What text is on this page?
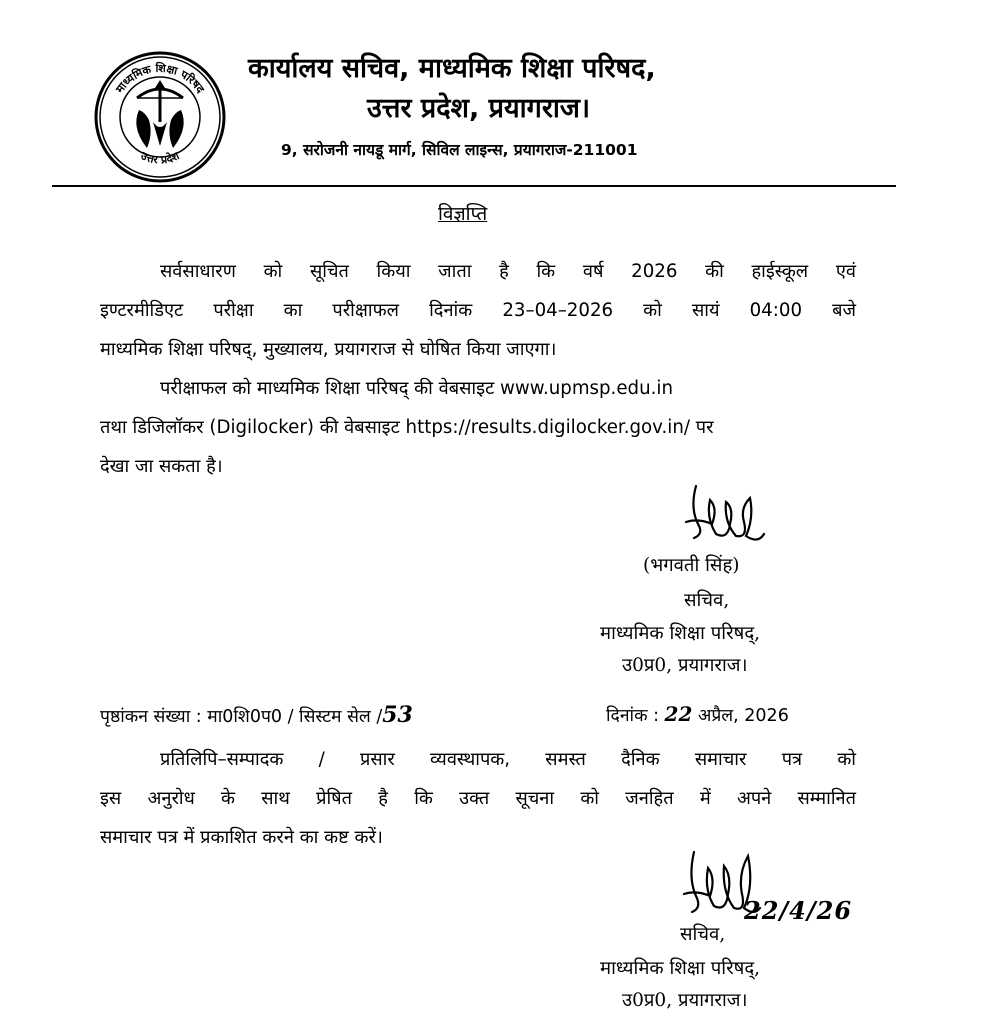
माध्यमिक शिक्षा परिषद
उत्तर प्रदेश
कार्यालय सचिव, माध्यमिक शिक्षा परिषद,
उत्तर प्रदेश, प्रयागराज।
9, सरोजनी नायडू मार्ग, सिविल लाइन्स, प्रयागराज-211001
विज्ञप्ति
सर्वसाधारण को सूचित किया जाता है कि वर्ष 2026 की हाईस्कूल एवं
इण्टरमीडिएट परीक्षा का परीक्षाफल दिनांक 23–04–2026 को सायं 04:00 बजे
माध्यमिक शिक्षा परिषद्, मुख्यालय, प्रयागराज से घोषित किया जाएगा।
परीक्षाफल को माध्यमिक शिक्षा परिषद् की वेबसाइट www.upmsp.edu.in
तथा डिजिलॉकर (Digilocker) की वेबसाइट https://results.digilocker.gov.in/ पर
देखा जा सकता है।
(भगवती सिंह)
सचिव,
माध्यमिक शिक्षा परिषद्,
उ0प्र0, प्रयागराज।
पृष्ठांकन संख्या : मा0शि0प0 / सिस्टम सेल /53	दिनांक : 22 अप्रैल, 2026
प्रतिलिपि–सम्पादक / प्रसार व्यवस्थापक, समस्त दैनिक समाचार पत्र को
इस अनुरोध के साथ प्रेषित है कि उक्त सूचना को जनहित में अपने सम्मानित
समाचार पत्र में प्रकाशित करने का कष्ट करें।
22/4/26
सचिव,
माध्यमिक शिक्षा परिषद्,
उ0प्र0, प्रयागराज।
